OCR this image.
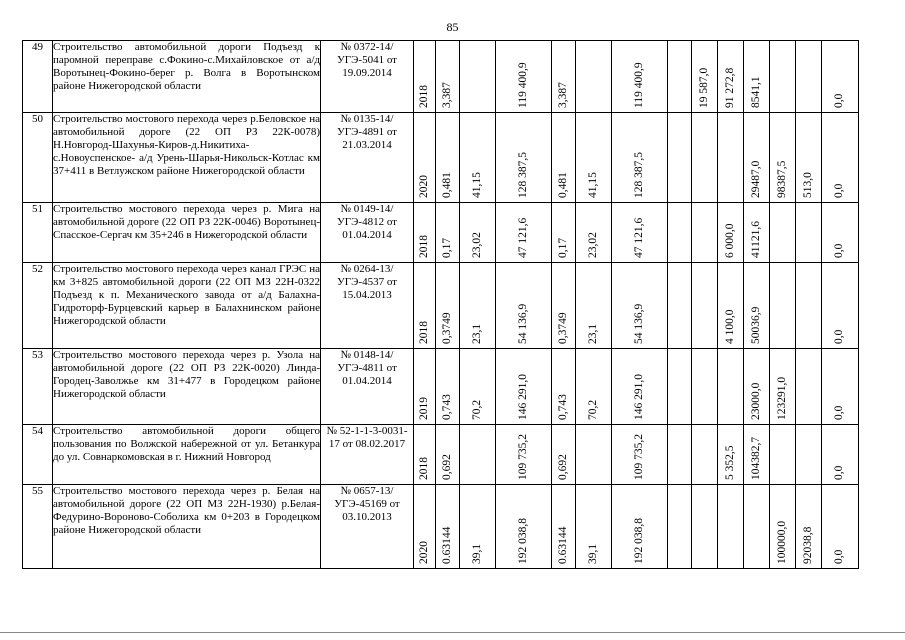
85
49	Строительство автомобильной дороги Подъезд к паромной переправе с.Фокино-с.Михайловское от а/д Воротынец-Фокино-берег р. Волга в Воротынском районе Нижегородской области	№ 0372-14/УГЭ-5041 от 19.09.2014	2018	3,387		119 400,9	3,387		119 400,9		19 587,0	91 272,8	8541,1			0,0

50	Строительство мостового перехода через р.Беловское на автомобильной дороге (22 ОП РЗ 22К-0078) Н.Новгород-Шахунья-Киров-д.Никитиха-с.Новоуспенское- а/д Урень-Шарья-Никольск-Котлас км 37+411 в Ветлужском районе Нижегородской области	№ 0135-14/УГЭ-4891 от 21.03.2014	2020	0,481	41,15	128 387,5	0,481	41,15	128 387,5				29487,0	98387,5	513,0	0,0

51	Строительство мостового перехода через р. Мига на автомобильной дороге (22 ОП РЗ 22К-0046) Воротынец-Спасское-Сергач км 35+246 в Нижегородской области	№ 0149-14/УГЭ-4812 от 01.04.2014	2018	0,17	23,02	47 121,6	0,17	23,02	47 121,6			6 000,0	41121,6			0,0

52	Строительство мостового перехода через канал ГРЭС на км 3+825 автомобильной дороги (22 ОП МЗ 22Н-0322 Подъезд к п. Механического завода от а/д Балахна-Гидроторф-Бурцевский карьер в Балахнинском районе Нижегородской области	№ 0264-13/УГЭ-4537 от 15.04.2013	2018	0,3749	23,1	54 136,9	0,3749	23,1	54 136,9			4 100,0	50036,9			0,0

53	Строительство мостового перехода через р. Узола на автомобильной дороге (22 ОП РЗ 22К-0020) Линда-Городец-Заволжье км 31+477 в Городецком районе Нижегородской области	№ 0148-14/УГЭ-4811 от 01.04.2014	2019	0,743	70,2	146 291,0	0,743	70,2	146 291,0				23000,0	123291,0		0,0

54	Строительство автомобильной дороги общего пользования по Волжской набережной от ул. Бетанкура до ул. Совнаркомовская в г. Нижний Новгород	№ 52-1-1-3-0031-17 от 08.02.2017	2018	0,692		109 735,2	0,692		109 735,2			5 352,5	104382,7			0,0

55	Строительство мостового перехода через р. Белая на автомобильной дороге (22 ОП МЗ 22Н-1930) р.Белая-Федурино-Вороново-Соболиха км 0+203 в Городецком районе Нижегородской области	№ 0657-13/УГЭ-45169 от 03.10.2013	2020	0.63144	39,1	192 038,8	0.63144	39,1	192 038,8					100000,0	92038,8	0,0
